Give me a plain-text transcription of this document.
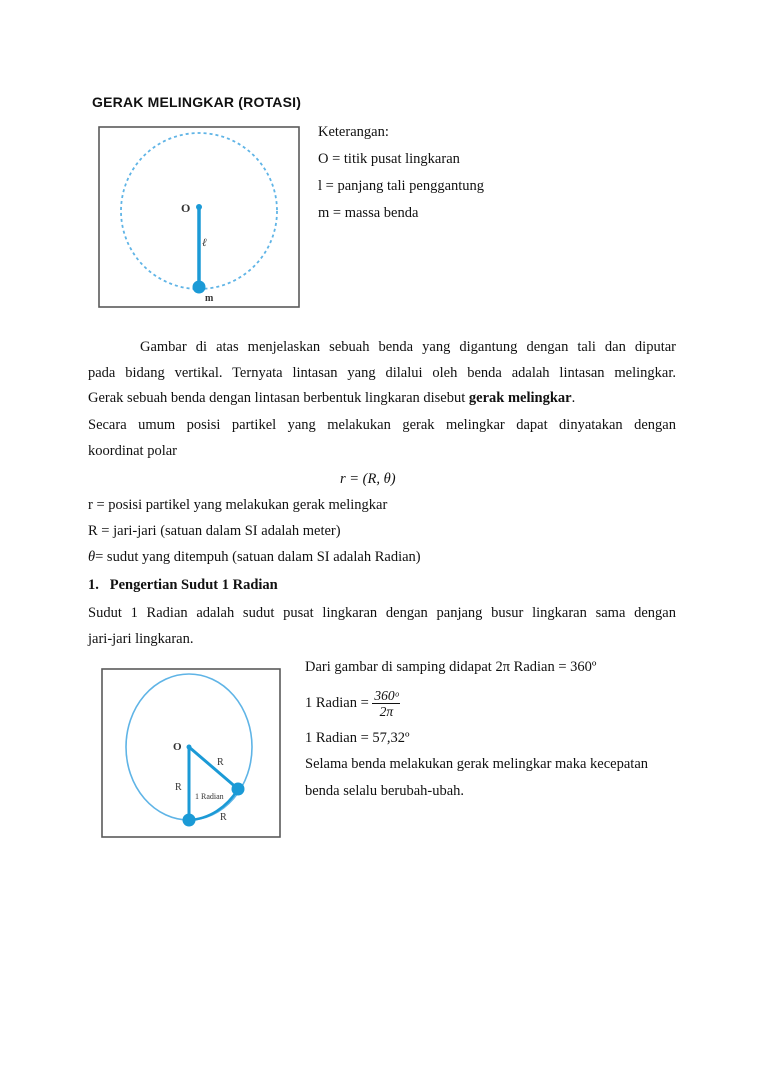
GERAK MELINGKAR (ROTASI)
O
ℓ
m
Keterangan:
O = titik pusat lingkaran
l = panjang tali penggantung
m = massa benda
Gambar di atas menjelaskan sebuah benda yang digantung dengan tali dan diputar
pada bidang vertikal. Ternyata lintasan yang dilalui oleh benda adalah lintasan melingkar.
Gerak sebuah benda dengan lintasan berbentuk lingkaran disebut gerak melingkar.
Secara umum posisi partikel yang melakukan gerak melingkar dapat dinyatakan dengan
koordinat polar
r = (R, θ)
r = posisi partikel yang melakukan gerak melingkar
R = jari-jari (satuan dalam SI adalah meter)
θ= sudut yang ditempuh (satuan dalam SI adalah Radian)
1. Pengertian Sudut 1 Radian
Sudut 1 Radian adalah sudut pusat lingkaran dengan panjang busur lingkaran sama dengan
jari-jari lingkaran.
O
R
R
1 Radian
R
Dari gambar di samping didapat 2π Radian = 360º
1 Radian = $\frac{\text{360ᵒ}}{2\pi}$
1 Radian = 57,32º
Selama benda melakukan gerak melingkar maka kecepatan
benda selalu berubah-ubah.
